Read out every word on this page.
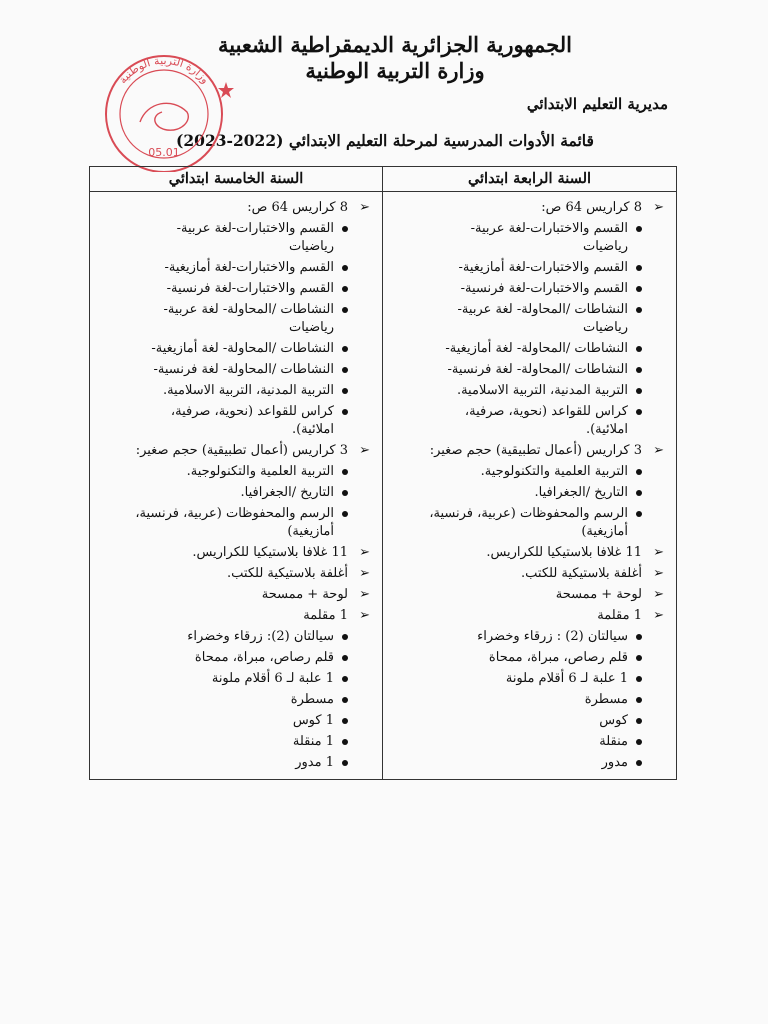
الجمهورية الجزائرية الديمقراطية الشعبية
وزارة التربية الوطنية
مديرية التعليم الابتدائي
قائمة الأدوات المدرسية لمرحلة التعليم الابتدائي (2022-2023)
وزارة التربية الوطنية
05.01
السنة الرابعة ابتدائي
➢
8 كراريس 64 ص:
القسم والاختبارات-لغة عربية- رياضيات
القسم والاختبارات-لغة أمازيغية-
القسم والاختبارات-لغة فرنسية-
النشاطات /المحاولة- لغة عربية- رياضيات
النشاطات /المحاولة- لغة أمازيغية-
النشاطات /المحاولة- لغة فرنسية-
التربية المدنية، التربية الاسلامية.
كراس للقواعد (نحوية، صرفية، املائية).
➢
3 كراريس (أعمال تطبيقية) حجم صغير:
التربية العلمية والتكنولوجية.
التاريخ /الجغرافيا.
الرسم والمحفوظات (عربية، فرنسية، أمازيغية)
➢
11 غلافا بلاستيكيا للكراريس.
➢
أغلفة بلاستيكية للكتب.
➢
لوحة + ممسحة
➢
1 مقلمة
سيالتان (2) : زرقاء وخضراء
قلم رصاص، مبراة، ممحاة
1 علبة لـ 6 أقلام ملونة
مسطرة
كوس
منقلة
مدور
السنة الخامسة ابتدائي
➢
8 كراريس 64 ص:
القسم والاختبارات-لغة عربية- رياضيات
القسم والاختبارات-لغة أمازيغية-
القسم والاختبارات-لغة فرنسية-
النشاطات /المحاولة- لغة عربية- رياضيات
النشاطات /المحاولة- لغة أمازيغية-
النشاطات /المحاولة- لغة فرنسية-
التربية المدنية، التربية الاسلامية.
كراس للقواعد (نحوية، صرفية، املائية).
➢
3 كراريس (أعمال تطبيقية) حجم صغير:
التربية العلمية والتكنولوجية.
التاريخ /الجغرافيا.
الرسم والمحفوظات (عربية، فرنسية، أمازيغية)
➢
11 غلافا بلاستيكيا للكراريس.
➢
أغلفة بلاستيكية للكتب.
➢
لوحة + ممسحة
➢
1 مقلمة
سيالتان (2): زرقاء وخضراء
قلم رصاص، مبراة، ممحاة
1 علبة لـ 6 أقلام ملونة
مسطرة
1 كوس
1 منقلة
1 مدور
